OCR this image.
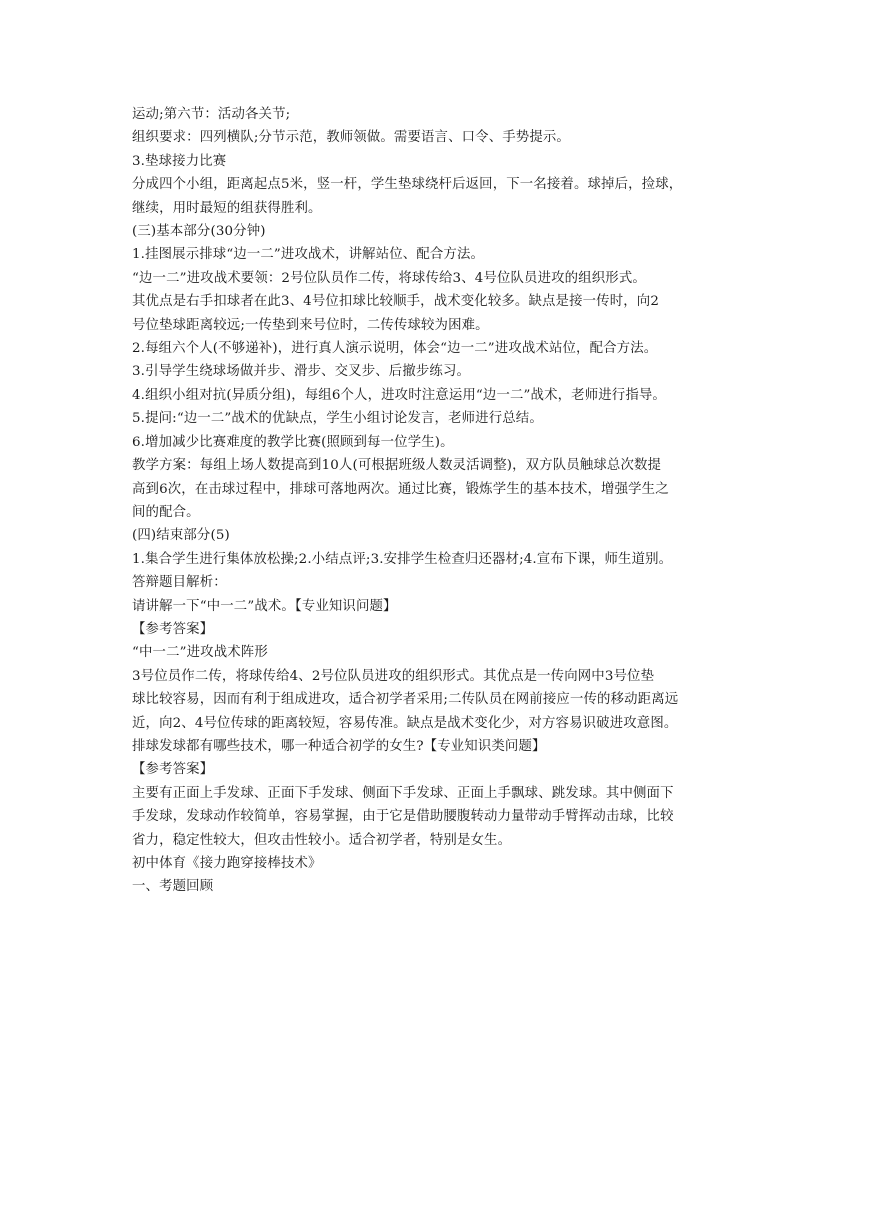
运动;第六节：活动各关节;

组织要求：四列横队;分节示范，教师领做。需要语言、口令、手势提示。

3.垫球接力比赛

分成四个小组，距离起点5米，竖一杆，学生垫球绕杆后返回，下一名接着。球掉后，捡球，

继续，用时最短的组获得胜利。

(三)基本部分(30分钟)

1.挂图展示排球“边一二”进攻战术，讲解站位、配合方法。

“边一二”进攻战术要领：2号位队员作二传，将球传给3、4号位队员进攻的组织形式。

其优点是右手扣球者在此3、4号位扣球比较顺手，战术变化较多。缺点是接一传时，向2

号位垫球距离较远;一传垫到来号位时，二传传球较为困难。

2.每组六个人(不够递补)，进行真人演示说明，体会“边一二”进攻战术站位，配合方法。

3.引导学生绕球场做并步、滑步、交叉步、后撤步练习。

4.组织小组对抗(异质分组)，每组6个人，进攻时注意运用“边一二”战术，老师进行指导。

5.提问:“边一二”战术的优缺点，学生小组讨论发言，老师进行总结。

6.增加减少比赛难度的教学比赛(照顾到每一位学生)。

教学方案：每组上场人数提高到10人(可根据班级人数灵活调整)，双方队员触球总次数提

高到6次，在击球过程中，排球可落地两次。通过比赛，锻炼学生的基本技术，增强学生之

间的配合。

(四)结束部分(5)

1.集合学生进行集体放松操;2.小结点评;3.安排学生检查归还器材;4.宣布下课，师生道别。

答辩题目解析：

请讲解一下“中一二”战术。【专业知识问题】

【参考答案】

“中一二”进攻战术阵形

3号位员作二传，将球传给4、2号位队员进攻的组织形式。其优点是一传向网中3号位垫

球比较容易，因而有利于组成进攻，适合初学者采用;二传队员在网前接应一传的移动距离远

近，向2、4号位传球的距离较短，容易传准。缺点是战术变化少，对方容易识破进攻意图。

排球发球都有哪些技术，哪一种适合初学的女生?【专业知识类问题】

【参考答案】

主要有正面上手发球、正面下手发球、侧面下手发球、正面上手飘球、跳发球。其中侧面下

手发球，发球动作较简单，容易掌握，由于它是借助腰腹转动力量带动手臂挥动击球，比较

省力，稳定性较大，但攻击性较小。适合初学者，特别是女生。

初中体育《接力跑穿接棒技术》

一、考题回顾
